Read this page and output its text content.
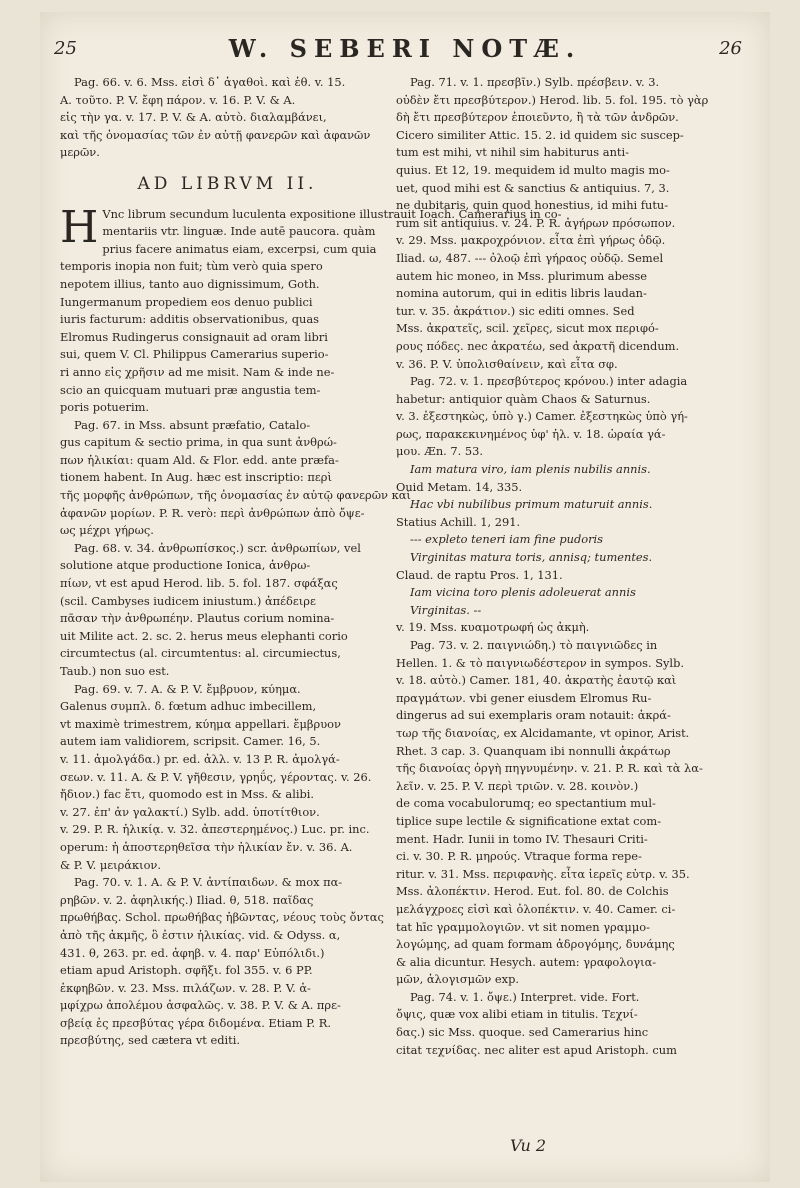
25	W. SEBERI NOTÆ.	26
Pag. 66. v. 6. Mss. εἰσὶ δ᾽ ἀγαθοὶ. καὶ ἐθ. v. 15.
A. τοῦτο. P. V. ἔφη πάρον. v. 16. P. V. & A.
εἰς τὴν γα. v. 17. P. V. & A. αὐτὸ. διαλαμβάνει,
καὶ τῆς ὀνομασίας τῶν ἐν αὐτῇ φανερῶν καὶ ἀφανῶν
μερῶν.
AD LIBRVM II.
H Vnc librum secundum luculenta expositione illustrauit Ioach. Camerarius in co-
mentariis vtr. linguæ. Inde autē paucora. quàm
prius facere animatus eiam, excerpsi, cum quia
temporis inopia non fuit; tùm verò quia spero
nepotem illius, tanto auo dignissimum, Goth.
Iungermanum propediem eos denuo publici
iuris facturum: additis observationibus, quas
Elromus Rudingerus consignauit ad oram libri
sui, quem V. Cl. Philippus Camerarius superio-
ri anno εἰς χρῆσιν ad me misit. Nam & inde ne-
scio an quicquam mutuari præ angustia tem-
poris potuerim.
Pag. 67. in Mss. absunt præfatio, Catalo-
gus capitum & sectio prima, in qua sunt ἀνθρώ-
πων ἡλικίαι: quam Ald. & Flor. edd. ante præfa-
tionem habent. In Aug. hæc est inscriptio: περὶ
τῆς μορφῆς ἀνθρώπων, τῆς ὀνομασίας ἐν αὐτῷ φανερῶν καὶ
ἀφανῶν μορίων. P. R. verò: περὶ ἀνθρώπων ἀπὸ ὄψε-
ως μέχρι γήρως.
Pag. 68. v. 34. ἀνθρωπίσκος.) scr. ἀνθρωπίων, vel
solutione atque productione Ionica, ἀνθρω-
πίων, vt est apud Herod. lib. 5. fol. 187. σφάξας
(scil. Cambyses iudicem iniustum.) ἀπέδειρε
πᾶσαν τὴν ἀνθρωπέην. Plautus corium nomina-
uit Milite act. 2. sc. 2. herus meus elephanti corio
circumtectus (al. circumtentus: al. circumiectus,
Taub.) non suo est.
Pag. 69. v. 7. A. & P. V. ἔμβρυον, κύημα.
Galenus συμπλ. δ. fœtum adhuc imbecillem,
vt maximè trimestrem, κύημα appellari. ἔμβρυον
autem iam validiorem, scripsit. Camer. 16, 5.
v. 11. ἀμολγάδα.) pr. ed. ἀλλ. v. 13 P. R. ἀμολγά-
σεων. v. 11. A. & P. V. γῆθεσιν, γρηΰς, γέροντας. v. 26.
ἤδιον.) fac ἔτι, quomodo est in Mss. & alibi.
v. 27. ἐπ' ἀν γαλακτί.) Sylb. add. ὑποτίτθιον.
v. 29. P. R. ἡλικίᾳ. v. 32. ἀπεστερημένος.) Luc. pr. inc.
operum: ἡ ἀποστερηθεῖσα τὴν ἡλικίαν ἔν. v. 36. A.
& P. V. μειράκιον.
Pag. 70. v. 1. A. & P. V. ἀντίπαιδων. & mox πα-
ρηβῶν. v. 2. ἀφηλικής.) Iliad. θ, 518. παῖδας
πρωθήβας. Schol. πρωθήβας ἡβῶντας, νέους τοὺς ὄντας
ἀπὸ τῆς ἀκμῆς, ὃ ἐστιν ἡλικίας. vid. & Odyss. α,
431. θ, 263. pr. ed. ἀφηβ. v. 4. παρ' Εὐπόλιδι.)
etiam apud Aristoph. σφῆξι. fol 355. v. 6 PP.
ἐκφηβῶν. v. 23. Mss. πιλάζων. v. 28. P. V. ἀ-
μφίχρω ἀπολέμου ἀσφαλῶς. v. 38. P. V. & A. πρε-
σβείᾳ ἐς πρεσβύτας γέρα διδομένα. Etiam P. R.
πρεσβύτης, sed cætera vt editi.
Pag. 71. v. 1. πρεσβῖν.) Sylb. πρέσβειν. v. 3.
οὐδὲν ἔτι πρεσβύτερον.) Herod. lib. 5. fol. 195. τὸ γὰρ
δὴ ἔτι πρεσβύτερον ἐποιεῦντο, ἢ τὰ τῶν ἀνδρῶν.
Cicero similiter Attic. 15. 2. id quidem sic suscep-
tum est mihi, vt nihil sim habiturus anti-
quius. Et 12, 19. mequidem id multo magis mo-
uet, quod mihi est & sanctius & antiquius. 7, 3.
ne dubitaris, quin quod honestius, id mihi futu-
rum sit antiquius. v. 24. P. R. ἀγήρων πρόσωπον.
v. 29. Mss. μακροχρόνιον. εἶτα ἐπὶ γήρως ὁδῷ.
Iliad. ω, 487. --- ὀλοῷ ἐπὶ γήραος οὐδῷ. Semel
autem hic moneo, in Mss. plurimum abesse
nomina autorum, qui in editis libris laudan-
tur. v. 35. ἀκράτιον.) sic editi omnes. Sed
Mss. ἀκρατεῖς, scil. χεῖρες, sicut mox περιφό-
ρους πόδες. nec ἀκρατέω, sed ἀκρατῆ dicendum.
v. 36. P. V. ὑπολισθαίνειν, καὶ εἶτα σφ.
Pag. 72. v. 1. πρεσβύτερος κρόνου.) inter adagia
habetur: antiquior quàm Chaos & Saturnus.
v. 3. ἐξεστηκὼς, ὑπὸ γ.) Camer. ἐξεστηκὼς ὑπὸ γή-
ρως, παρακεκινημένος ὑφ' ἡλ. v. 18. ὡραία γά-
μου. Æn. 7. 53.
Iam matura viro, iam plenis nubilis annis.
Ouid Metam. 14, 335.
Hac vbi nubilibus primum maturuit annis.
Statius Achill. 1, 291.
--- expleto teneri iam fine pudoris
Virginitas matura toris, annisq; tumentes.
Claud. de raptu Pros. 1, 131.
Iam vicina toro plenis adoleuerat annis
Virginitas. --
v. 19. Mss. κυαμοτρωφή ὡς ἀκμὴ.
Pag. 73. v. 2. παιγνιώδη.) τὸ παιγνιῶδες in
Hellen. 1. & τὸ παιγνιωδέστερον in sympos. Sylb.
v. 18. αὐτὸ.) Camer. 181, 40. ἀκρατὴς ἐαυτῷ καὶ
πραγμάτων. vbi gener eiusdem Elromus Ru-
dingerus ad sui exemplaris oram notauit: ἀκρά-
τωρ τῆς διανοίας, ex Alcidamante, vt opinor, Arist.
Rhet. 3 cap. 3. Quanquam ibi nonnulli ἀκράτωρ
τῆς διανοίας ὀργὴ πηγνυμένην. v. 21. P. R. καὶ τὰ λα-
λεῖν. v. 25. P. V. περὶ τριῶν. v. 28. κοινὸν.)
de coma vocabulorumq; eo spectantium mul-
tiplice supe lectile & significatione extat com-
ment. Hadr. Iunii in tomo IV. Thesauri Criti-
ci. v. 30. P. R. μηρούς. Vtraque forma repe-
ritur. v. 31. Mss. περιφανὴς. εἶτα ἱερεῖς εὐτρ. v. 35.
Mss. ἀλοπέκτιν. Herod. Eut. fol. 80. de Colchis
μελάγχροες εἰσὶ καὶ ὀλοπέκτιν. v. 40. Camer. ci-
tat hīc γραμμολογιῶν. vt sit nomen γραμμο-
λογώμης, ad quam formam ἀδρογόμης, δυνάμης
& alia dicuntur. Hesych. autem: γραφολογια-
μῶν, ἀλογισμῶν exp.
Pag. 74. v. 1. ὄψε.) Interpret. vide. Fort.
ὄψις, quæ vox alibi etiam in titulis. Τεχνί-
δας.) sic Mss. quoque. sed Camerarius hinc
citat τεχνίδας. nec aliter est apud Aristoph. cum
Vu 2
